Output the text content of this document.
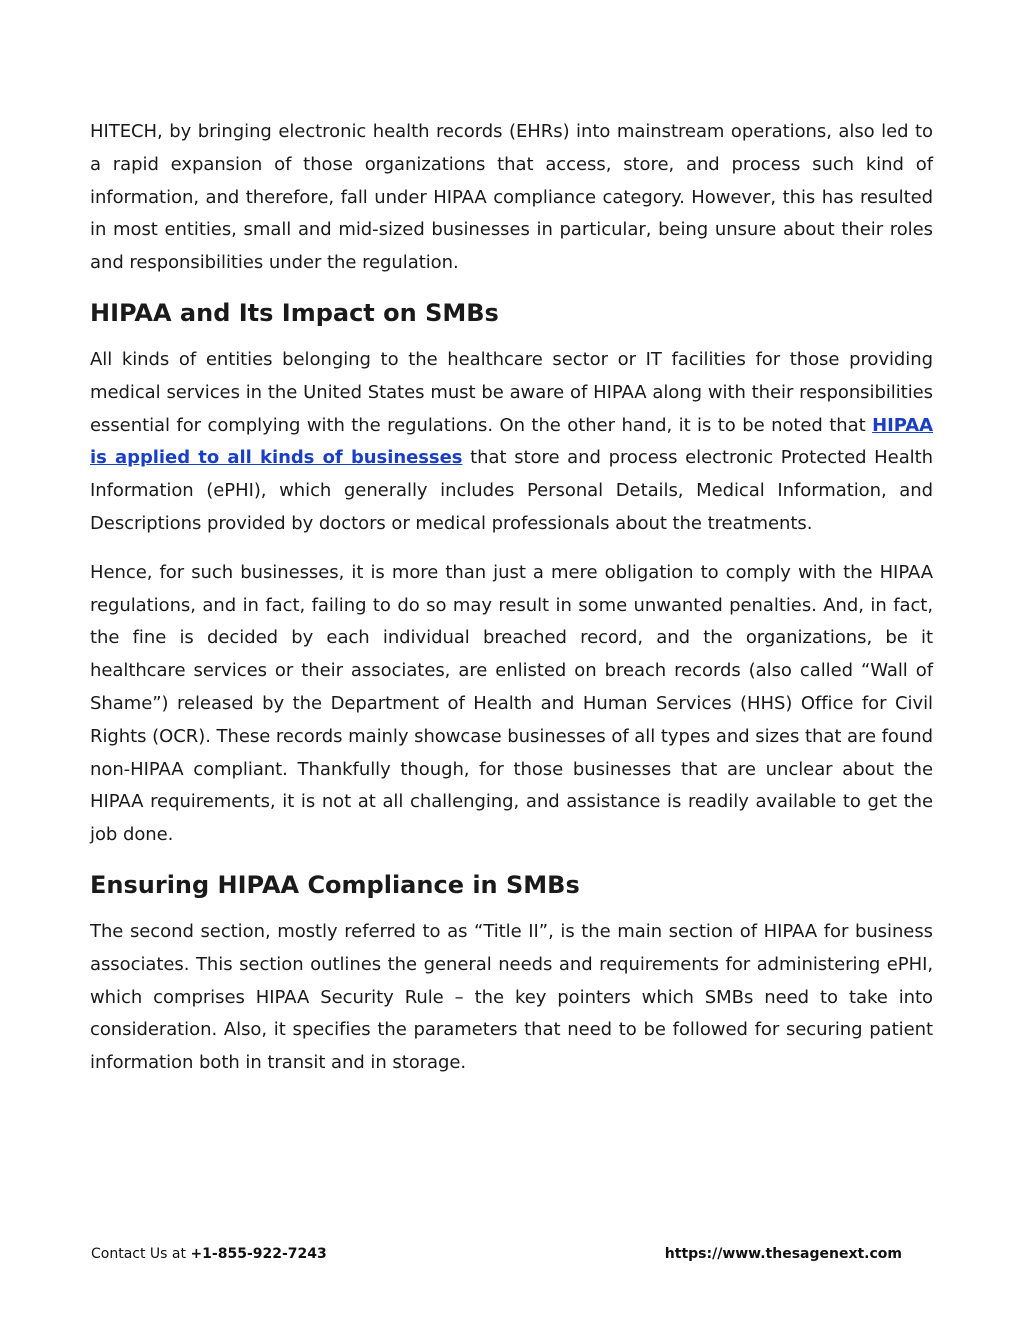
HITECH, by bringing electronic health records (EHRs) into mainstream operations, also led to a rapid expansion of those organizations that access, store, and process such kind of information, and therefore, fall under HIPAA compliance category. However, this has resulted in most entities, small and mid-sized businesses in particular, being unsure about their roles and responsibilities under the regulation.

HIPAA and Its Impact on SMBs

All kinds of entities belonging to the healthcare sector or IT facilities for those providing medical services in the United States must be aware of HIPAA along with their responsibilities essential for complying with the regulations. On the other hand, it is to be noted that HIPAA is applied to all kinds of businesses that store and process electronic Protected Health Information (ePHI), which generally includes Personal Details, Medical Information, and Descriptions provided by doctors or medical professionals about the treatments.

Hence, for such businesses, it is more than just a mere obligation to comply with the HIPAA regulations, and in fact, failing to do so may result in some unwanted penalties. And, in fact, the fine is decided by each individual breached record, and the organizations, be it healthcare services or their associates, are enlisted on breach records (also called “Wall of Shame”) released by the Department of Health and Human Services (HHS) Office for Civil Rights (OCR). These records mainly showcase businesses of all types and sizes that are found non-HIPAA compliant. Thankfully though, for those businesses that are unclear about the HIPAA requirements, it is not at all challenging, and assistance is readily available to get the job done.

Ensuring HIPAA Compliance in SMBs

The second section, mostly referred to as “Title II”, is the main section of HIPAA for business associates. This section outlines the general needs and requirements for administering ePHI, which comprises HIPAA Security Rule – the key pointers which SMBs need to take into consideration. Also, it specifies the parameters that need to be followed for securing patient information both in transit and in storage.

Contact Us at +1-855-922-7243	https://www.thesagenext.com
